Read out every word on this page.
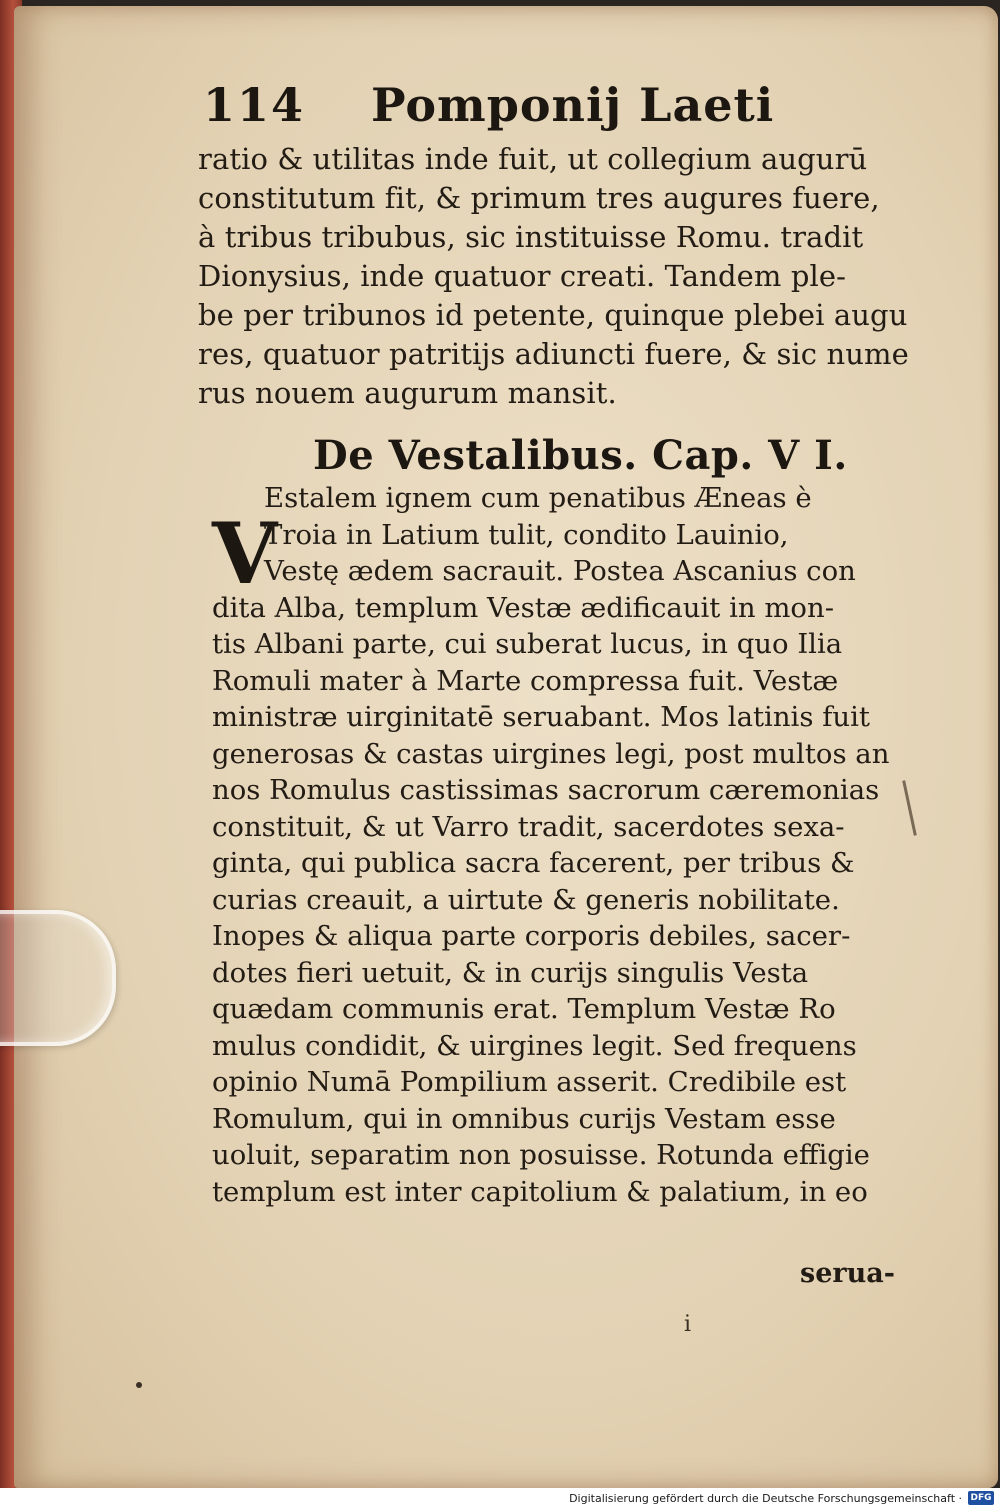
114 Pomponij Laeti
ratio & utilitas inde fuit, ut collegium augurū
constitutum fit, & primum tres augures fuere,
à tribus tribubus, sic instituisse Romu. tradit
Dionysius, inde quatuor creati. Tandem ple-
be per tribunos id petente, quinque plebei augu
res, quatuor patritijs adiuncti fuere, & sic nume
rus nouem augurum mansit.
De Vestalibus. Cap. V I.
V
Estalem ignem cum penatibus Æneas è
Troia in Latium tulit, condito Lauinio,
Vestę ædem sacrauit. Postea Ascanius con
dita Alba, templum Vestæ ædificauit in mon-
tis Albani parte, cui suberat lucus, in quo Ilia
Romuli mater à Marte compressa fuit. Vestæ
ministræ uirginitatē seruabant. Mos latinis fuit
generosas & castas uirgines legi, post multos an
nos Romulus castissimas sacrorum cæremonias
constituit, & ut Varro tradit, sacerdotes sexa-
ginta, qui publica sacra facerent, per tribus &
curias creauit, a uirtute & generis nobilitate.
Inopes & aliqua parte corporis debiles, sacer-
dotes fieri uetuit, & in curijs singulis Vesta
quædam communis erat. Templum Vestæ Ro
mulus condidit, & uirgines legit. Sed frequens
opinio Numā Pompilium asserit. Credibile est
Romulum, qui in omnibus curijs Vestam esse
uoluit, separatim non posuisse. Rotunda effigie
templum est inter capitolium & palatium, in eo
serua-
i
Digitalisierung gefördert durch die Deutsche Forschungsgemeinschaft · DFG
